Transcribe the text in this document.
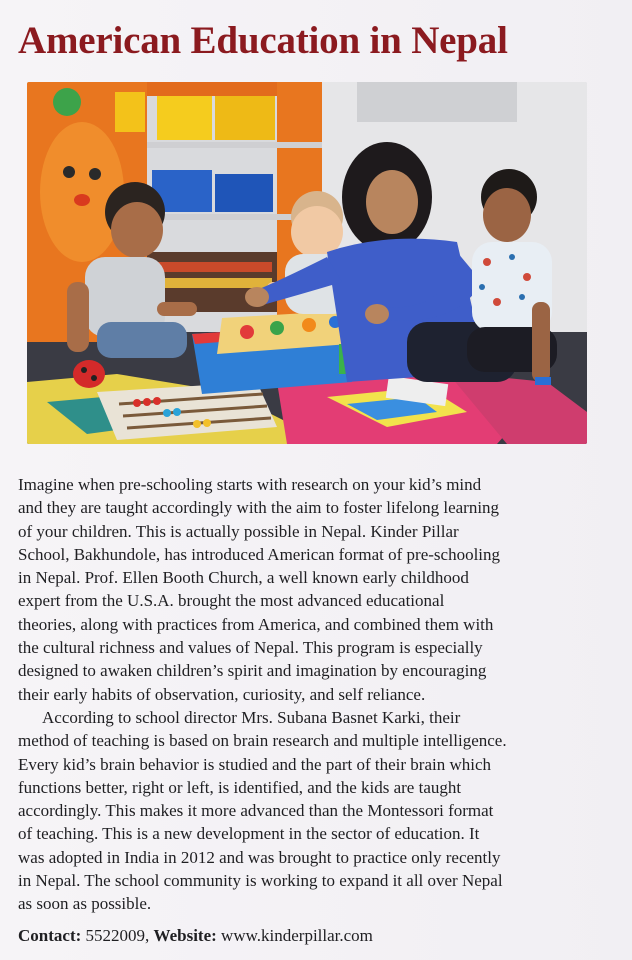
American Education in Nepal

Imagine when pre-schooling starts with research on your kid’s mind
and they are taught accordingly with the aim to foster lifelong learning
of your children. This is actually possible in Nepal. Kinder Pillar
School, Bakhundole, has introduced American format of pre-schooling
in Nepal. Prof. Ellen Booth Church, a well known early childhood
expert from the U.S.A. brought the most advanced educational
theories, along with practices from America, and combined them with
the cultural richness and values of Nepal. This program is especially
designed to awaken children’s spirit and imagination by encouraging
their early habits of observation, curiosity, and self reliance.

According to school director Mrs. Subana Basnet Karki, their
method of teaching is based on brain research and multiple intelligence.
Every kid’s brain behavior is studied and the part of their brain which
functions better, right or left, is identified, and the kids are taught
accordingly. This makes it more advanced than the Montessori format
of teaching. This is a new development in the sector of education. It
was adopted in India in 2012 and was brought to practice only recently
in Nepal. The school community is working to expand it all over Nepal
as soon as possible.

Contact: 5522009, Website: www.kinderpillar.com
